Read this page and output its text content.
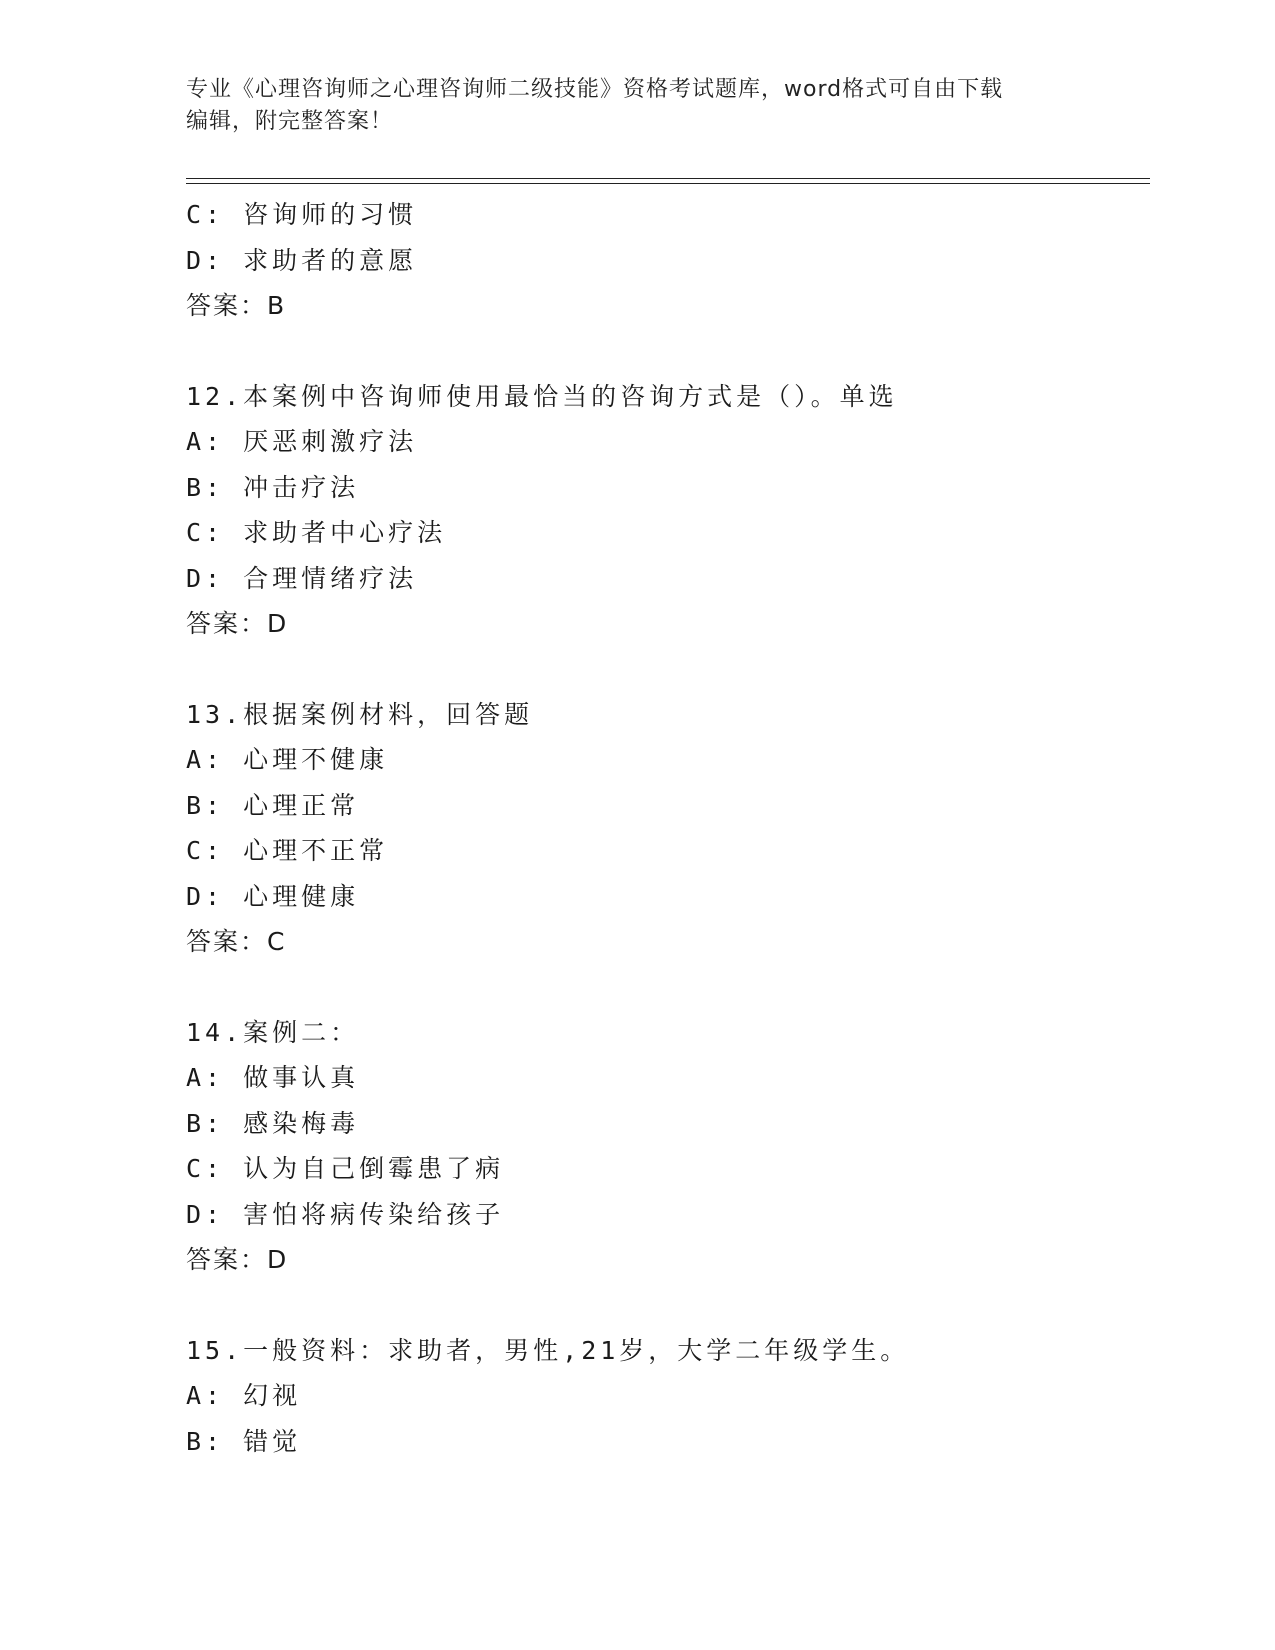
专业《心理咨询师之心理咨询师二级技能》资格考试题库，word格式可自由下载
编辑，附完整答案！
C: 咨询师的习惯
D: 求助者的意愿
答案：B
12.本案例中咨询师使用最恰当的咨询方式是（）。单选
A: 厌恶刺激疗法
B: 冲击疗法
C: 求助者中心疗法
D: 合理情绪疗法
答案：D
13.根据案例材料，回答题
A: 心理不健康
B: 心理正常
C: 心理不正常
D: 心理健康
答案：C
14.案例二：
A: 做事认真
B: 感染梅毒
C: 认为自己倒霉患了病
D: 害怕将病传染给孩子
答案：D
15.一般资料：求助者，男性,21岁，大学二年级学生。
A: 幻视
B: 错觉
